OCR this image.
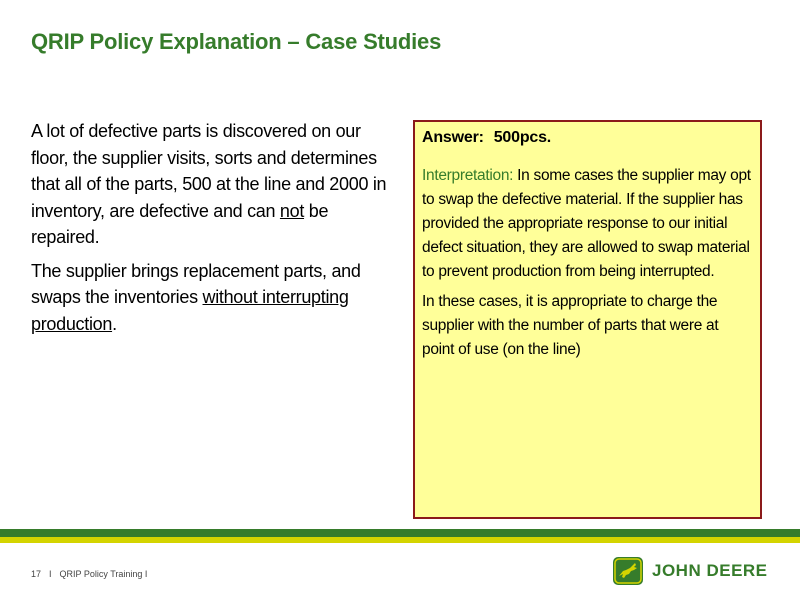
QRIP Policy Explanation – Case Studies

A lot of defective parts is discovered on our floor, the supplier visits, sorts and determines that all of the parts, 500 at the line and 2000 in inventory, are defective and can not be repaired.

The supplier brings replacement parts, and swaps the inventories without interrupting production.

Answer: 500pcs.

Interpretation: In some cases the supplier may opt to swap the defective material. If the supplier has provided the appropriate response to our initial defect situation, they are allowed to swap material to prevent production from being interrupted.

In these cases, it is appropriate to charge the supplier with the number of parts that were at point of use (on the line)

17 I QRIP Policy Training I	JOHN DEERE
